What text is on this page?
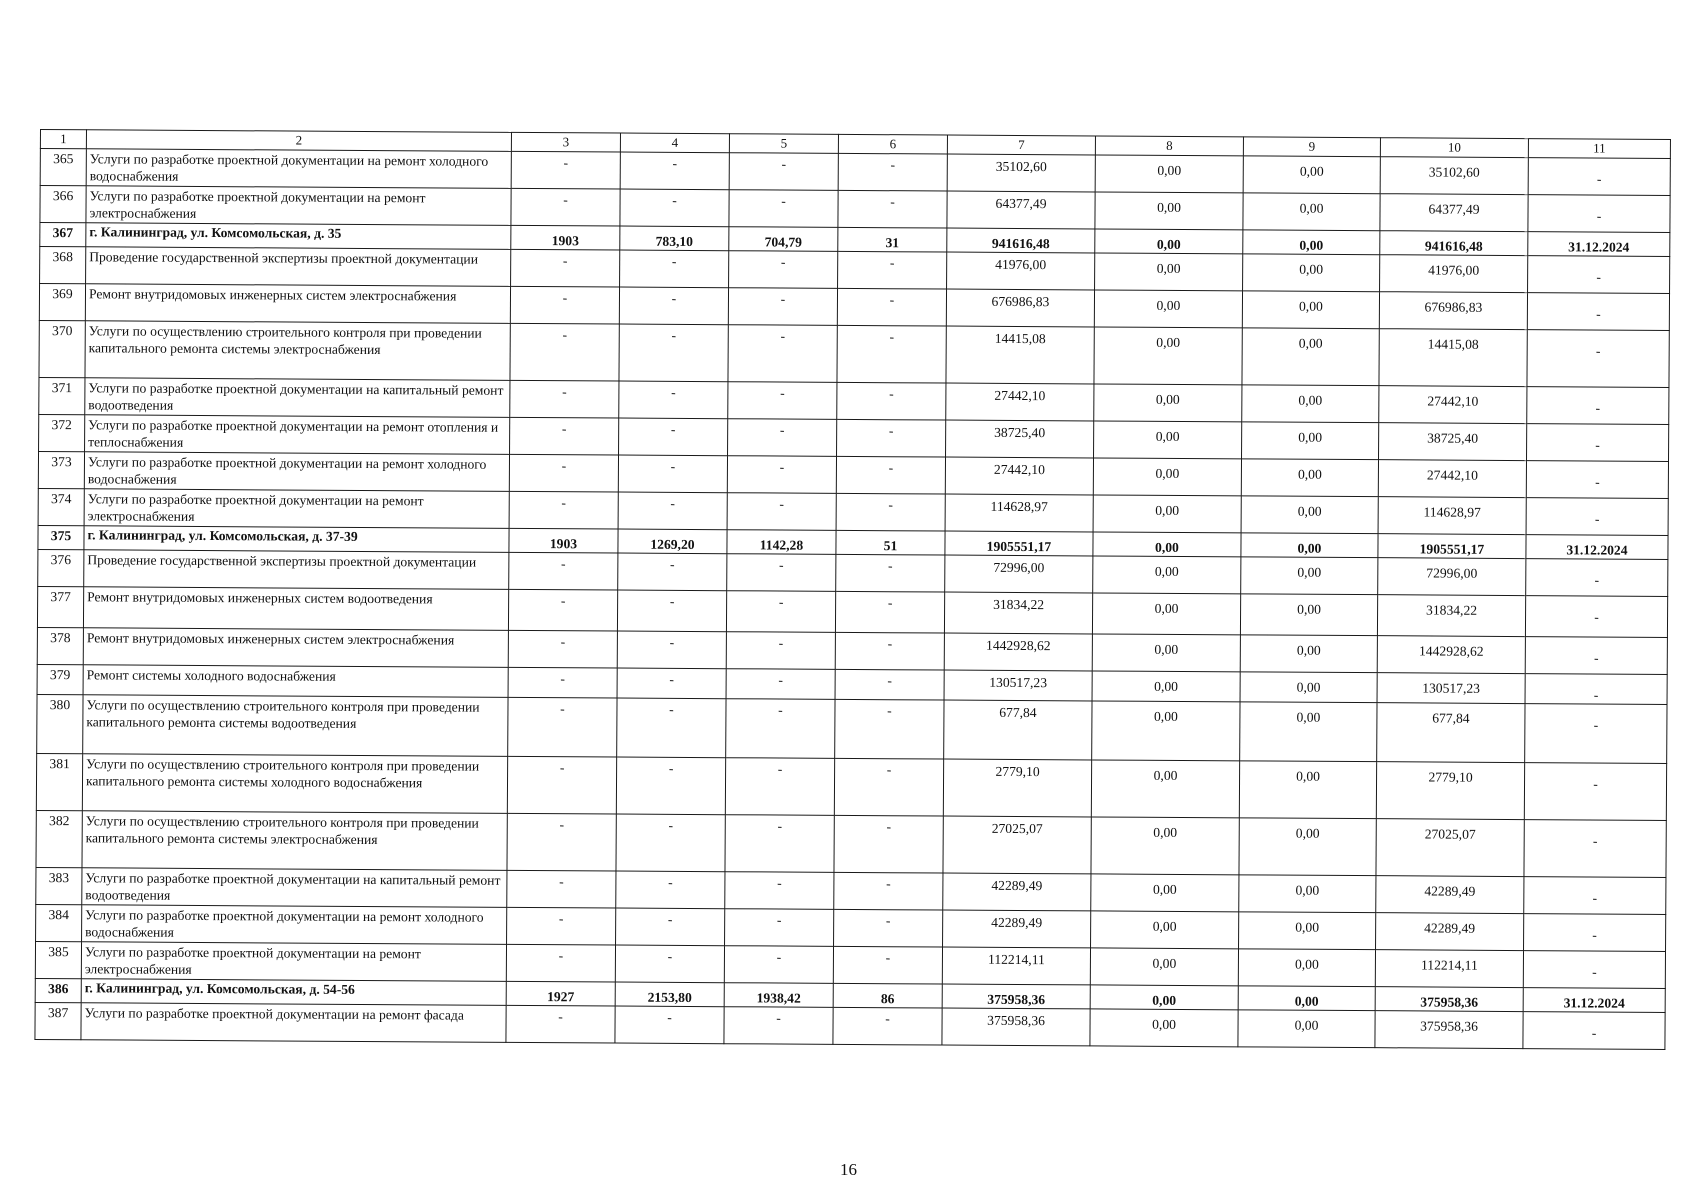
1	2	3	4	5	6	7	8	9	10	11
365	Услуги по разработке проектной документации на ремонт холодного водоснабжения	-	-	-	-	35102,60	0,00	0,00	35102,60	-
366	Услуги по разработке проектной документации на ремонт электроснабжения	-	-	-	-	64377,49	0,00	0,00	64377,49	-
367	г. Калининград, ул. Комсомольская, д. 35	1903	783,10	704,79	31	941616,48	0,00	0,00	941616,48	31.12.2024
368	Проведение государственной экспертизы проектной документации	-	-	-	-	41976,00	0,00	0,00	41976,00	-
369	Ремонт внутридомовых инженерных систем электроснабжения	-	-	-	-	676986,83	0,00	0,00	676986,83	-
370	Услуги по осуществлению строительного контроля при проведении капитального ремонта системы электроснабжения	-	-	-	-	14415,08	0,00	0,00	14415,08	-
371	Услуги по разработке проектной документации на капитальный ремонт водоотведения	-	-	-	-	27442,10	0,00	0,00	27442,10	-
372	Услуги по разработке проектной документации на ремонт отопления и теплоснабжения	-	-	-	-	38725,40	0,00	0,00	38725,40	-
373	Услуги по разработке проектной документации на ремонт холодного водоснабжения	-	-	-	-	27442,10	0,00	0,00	27442,10	-
374	Услуги по разработке проектной документации на ремонт электроснабжения	-	-	-	-	114628,97	0,00	0,00	114628,97	-
375	г. Калининград, ул. Комсомольская, д. 37-39	1903	1269,20	1142,28	51	1905551,17	0,00	0,00	1905551,17	31.12.2024
376	Проведение государственной экспертизы проектной документации	-	-	-	-	72996,00	0,00	0,00	72996,00	-
377	Ремонт внутридомовых инженерных систем водоотведения	-	-	-	-	31834,22	0,00	0,00	31834,22	-
378	Ремонт внутридомовых инженерных систем электроснабжения	-	-	-	-	1442928,62	0,00	0,00	1442928,62	-
379	Ремонт системы холодного водоснабжения	-	-	-	-	130517,23	0,00	0,00	130517,23	-
380	Услуги по осуществлению строительного контроля при проведении капитального ремонта системы водоотведения	-	-	-	-	677,84	0,00	0,00	677,84	-
381	Услуги по осуществлению строительного контроля при проведении капитального ремонта системы холодного водоснабжения	-	-	-	-	2779,10	0,00	0,00	2779,10	-
382	Услуги по осуществлению строительного контроля при проведении капитального ремонта системы электроснабжения	-	-	-	-	27025,07	0,00	0,00	27025,07	-
383	Услуги по разработке проектной документации на капитальный ремонт водоотведения	-	-	-	-	42289,49	0,00	0,00	42289,49	-
384	Услуги по разработке проектной документации на ремонт холодного водоснабжения	-	-	-	-	42289,49	0,00	0,00	42289,49	-
385	Услуги по разработке проектной документации на ремонт электроснабжения	-	-	-	-	112214,11	0,00	0,00	112214,11	-
386	г. Калининград, ул. Комсомольская, д. 54-56	1927	2153,80	1938,42	86	375958,36	0,00	0,00	375958,36	31.12.2024
387	Услуги по разработке проектной документации на ремонт фасада	-	-	-	-	375958,36	0,00	0,00	375958,36	-
16
